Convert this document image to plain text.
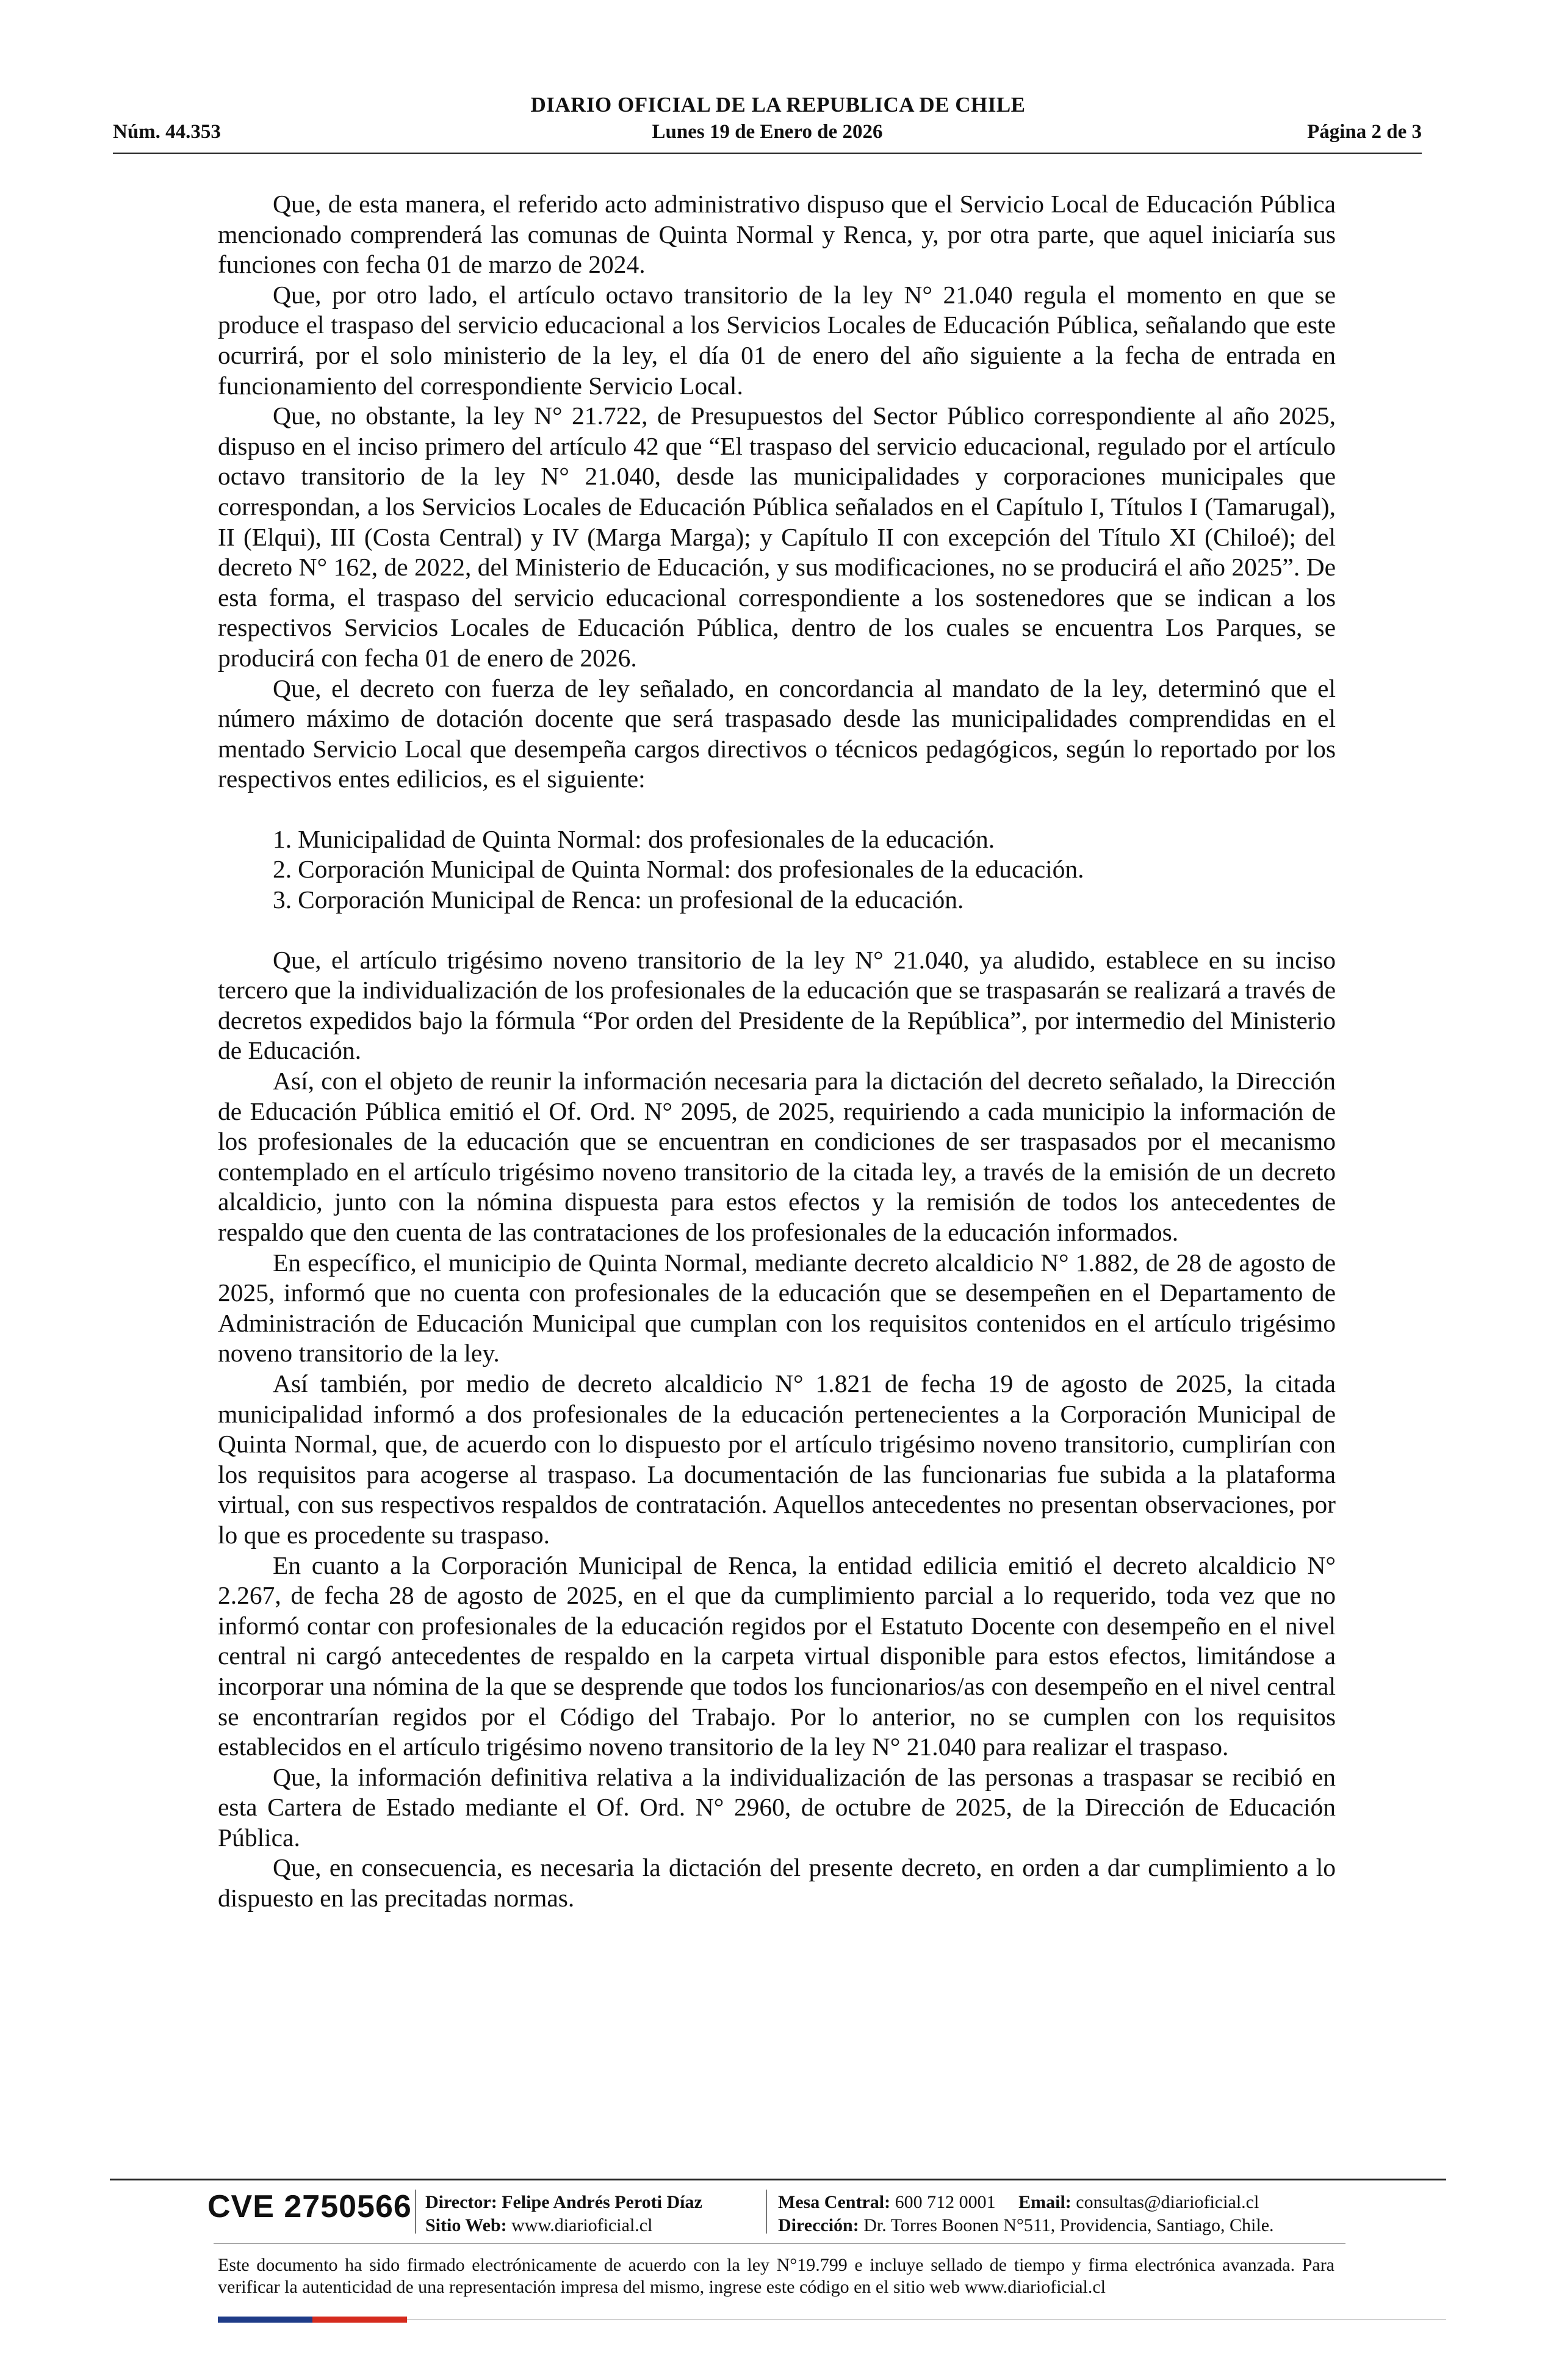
DIARIO OFICIAL DE LA REPUBLICA DE CHILE
Núm. 44.353	Lunes 19 de Enero de 2026	Página 2 de 3

Que, de esta manera, el referido acto administrativo dispuso que el Servicio Local de Educación Pública mencionado comprenderá las comunas de Quinta Normal y Renca, y, por otra parte, que aquel iniciaría sus funciones con fecha 01 de marzo de 2024.

Que, por otro lado, el artículo octavo transitorio de la ley N° 21.040 regula el momento en que se produce el traspaso del servicio educacional a los Servicios Locales de Educación Pública, señalando que este ocurrirá, por el solo ministerio de la ley, el día 01 de enero del año siguiente a la fecha de entrada en funcionamiento del correspondiente Servicio Local.

Que, no obstante, la ley N° 21.722, de Presupuestos del Sector Público correspondiente al año 2025, dispuso en el inciso primero del artículo 42 que “El traspaso del servicio educacional, regulado por el artículo octavo transitorio de la ley N° 21.040, desde las municipalidades y corporaciones municipales que correspondan, a los Servicios Locales de Educación Pública señalados en el Capítulo I, Títulos I (Tamarugal), II (Elqui), III (Costa Central) y IV (Marga Marga); y Capítulo II con excepción del Título XI (Chiloé); del decreto N° 162, de 2022, del Ministerio de Educación, y sus modificaciones, no se producirá el año 2025”. De esta forma, el traspaso del servicio educacional correspondiente a los sostenedores que se indican a los respectivos Servicios Locales de Educación Pública, dentro de los cuales se encuentra Los Parques, se producirá con fecha 01 de enero de 2026.

Que, el decreto con fuerza de ley señalado, en concordancia al mandato de la ley, determinó que el número máximo de dotación docente que será traspasado desde las municipalidades comprendidas en el mentado Servicio Local que desempeña cargos directivos o técnicos pedagógicos, según lo reportado por los respectivos entes edilicios, es el siguiente:

1. Municipalidad de Quinta Normal: dos profesionales de la educación.
2. Corporación Municipal de Quinta Normal: dos profesionales de la educación.
3. Corporación Municipal de Renca: un profesional de la educación.

Que, el artículo trigésimo noveno transitorio de la ley N° 21.040, ya aludido, establece en su inciso tercero que la individualización de los profesionales de la educación que se traspasarán se realizará a través de decretos expedidos bajo la fórmula “Por orden del Presidente de la República”, por intermedio del Ministerio de Educación.

Así, con el objeto de reunir la información necesaria para la dictación del decreto señalado, la Dirección de Educación Pública emitió el Of. Ord. N° 2095, de 2025, requiriendo a cada municipio la información de los profesionales de la educación que se encuentran en condiciones de ser traspasados por el mecanismo contemplado en el artículo trigésimo noveno transitorio de la citada ley, a través de la emisión de un decreto alcaldicio, junto con la nómina dispuesta para estos efectos y la remisión de todos los antecedentes de respaldo que den cuenta de las contrataciones de los profesionales de la educación informados.

En específico, el municipio de Quinta Normal, mediante decreto alcaldicio N° 1.882, de 28 de agosto de 2025, informó que no cuenta con profesionales de la educación que se desempeñen en el Departamento de Administración de Educación Municipal que cumplan con los requisitos contenidos en el artículo trigésimo noveno transitorio de la ley.

Así también, por medio de decreto alcaldicio N° 1.821 de fecha 19 de agosto de 2025, la citada municipalidad informó a dos profesionales de la educación pertenecientes a la Corporación Municipal de Quinta Normal, que, de acuerdo con lo dispuesto por el artículo trigésimo noveno transitorio, cumplirían con los requisitos para acogerse al traspaso. La documentación de las funcionarias fue subida a la plataforma virtual, con sus respectivos respaldos de contratación. Aquellos antecedentes no presentan observaciones, por lo que es procedente su traspaso.

En cuanto a la Corporación Municipal de Renca, la entidad edilicia emitió el decreto alcaldicio N° 2.267, de fecha 28 de agosto de 2025, en el que da cumplimiento parcial a lo requerido, toda vez que no informó contar con profesionales de la educación regidos por el Estatuto Docente con desempeño en el nivel central ni cargó antecedentes de respaldo en la carpeta virtual disponible para estos efectos, limitándose a incorporar una nómina de la que se desprende que todos los funcionarios/as con desempeño en el nivel central se encontrarían regidos por el Código del Trabajo. Por lo anterior, no se cumplen con los requisitos establecidos en el artículo trigésimo noveno transitorio de la ley N° 21.040 para realizar el traspaso.

Que, la información definitiva relativa a la individualización de las personas a traspasar se recibió en esta Cartera de Estado mediante el Of. Ord. N° 2960, de octubre de 2025, de la Dirección de Educación Pública.

Que, en consecuencia, es necesaria la dictación del presente decreto, en orden a dar cumplimiento a lo dispuesto en las precitadas normas.

CVE 2750566 Director: Felipe Andrés Peroti Díaz
Sitio Web: www.diarioficial.cl
Mesa Central: 600 712 0001 Email: consultas@diarioficial.cl
Dirección: Dr. Torres Boonen N°511, Providencia, Santiago, Chile.
Este documento ha sido firmado electrónicamente de acuerdo con la ley N°19.799 e incluye sellado de tiempo y firma electrónica avanzada. Para verificar la autenticidad de una representación impresa del mismo, ingrese este código en el sitio web www.diarioficial.cl
